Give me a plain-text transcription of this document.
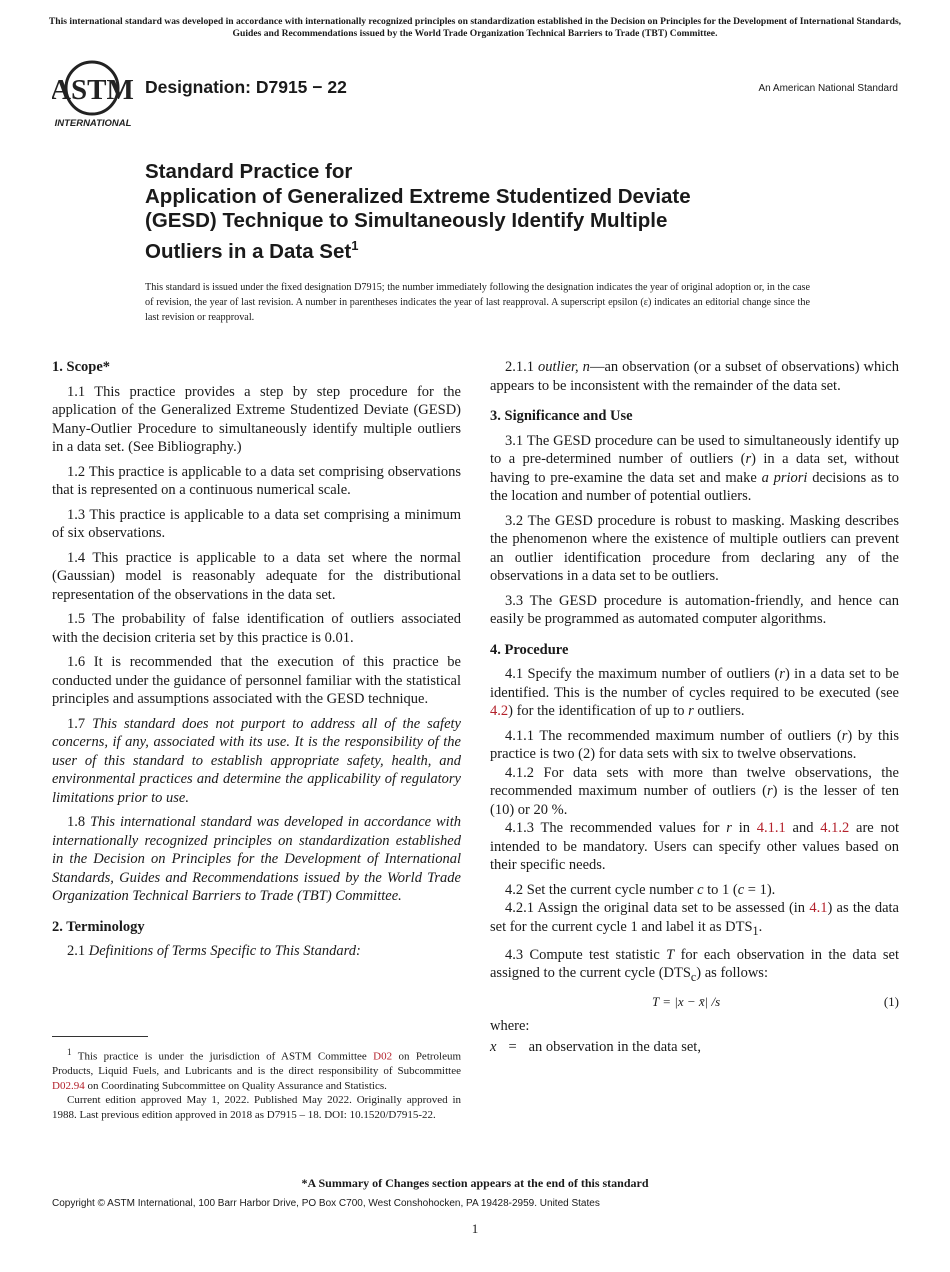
This international standard was developed in accordance with internationally recognized principles on standardization established in the Decision on Principles for the Development of International Standards, Guides and Recommendations issued by the World Trade Organization Technical Barriers to Trade (TBT) Committee.
ASTM
INTERNATIONAL
Designation: D7915 − 22	An American National Standard
Standard Practice for
Application of Generalized Extreme Studentized Deviate
(GESD) Technique to Simultaneously Identify Multiple
Outliers in a Data Set$^1$
This standard is issued under the fixed designation D7915; the number immediately following the designation indicates the year of original adoption or, in the case of revision, the year of last revision. A number in parentheses indicates the year of last reapproval. A superscript epsilon (ε) indicates an editorial change since the last revision or reapproval.
1. Scope*

1.1 This practice provides a step by step procedure for the application of the Generalized Extreme Studentized Deviate (GESD) Many-Outlier Procedure to simultaneously identify multiple outliers in a data set. (See Bibliography.)

1.2 This practice is applicable to a data set comprising observations that is represented on a continuous numerical scale.

1.3 This practice is applicable to a data set comprising a minimum of six observations.

1.4 This practice is applicable to a data set where the normal (Gaussian) model is reasonably adequate for the distributional representation of the observations in the data set.

1.5 The probability of false identification of outliers associated with the decision criteria set by this practice is 0.01.

1.6 It is recommended that the execution of this practice be conducted under the guidance of personnel familiar with the statistical principles and assumptions associated with the GESD technique.

1.7 This standard does not purport to address all of the safety concerns, if any, associated with its use. It is the responsibility of the user of this standard to establish appropriate safety, health, and environmental practices and determine the applicability of regulatory limitations prior to use.

1.8 This international standard was developed in accordance with internationally recognized principles on standardization established in the Decision on Principles for the Development of International Standards, Guides and Recommendations issued by the World Trade Organization Technical Barriers to Trade (TBT) Committee.

2. Terminology

2.1 Definitions of Terms Specific to This Standard:

$^1$ This practice is under the jurisdiction of ASTM Committee D02 on Petroleum Products, Liquid Fuels, and Lubricants and is the direct responsibility of Subcommittee D02.94 on Coordinating Subcommittee on Quality Assurance and Statistics.

Current edition approved May 1, 2022. Published May 2022. Originally approved in 1988. Last previous edition approved in 2018 as D7915 – 18. DOI: 10.1520/D7915-22.

2.1.1 outlier, n—an observation (or a subset of observations) which appears to be inconsistent with the remainder of the data set.

3. Significance and Use

3.1 The GESD procedure can be used to simultaneously identify up to a pre-determined number of outliers (r) in a data set, without having to pre-examine the data set and make a priori decisions as to the location and number of potential outliers.

3.2 The GESD procedure is robust to masking. Masking describes the phenomenon where the existence of multiple outliers can prevent an outlier identification procedure from declaring any of the observations in a data set to be outliers.

3.3 The GESD procedure is automation-friendly, and hence can easily be programmed as automated computer algorithms.

4. Procedure

4.1 Specify the maximum number of outliers (r) in a data set to be identified. This is the number of cycles required to be executed (see 4.2) for the identification of up to r outliers.

4.1.1 The recommended maximum number of outliers (r) by this practice is two (2) for data sets with six to twelve observations.

4.1.2 For data sets with more than twelve observations, the recommended maximum number of outliers (r) is the lesser of ten (10) or 20 %.

4.1.3 The recommended values for r in 4.1.1 and 4.1.2 are not intended to be mandatory. Users can specify other values based on their specific needs.

4.2 Set the current cycle number c to 1 (c = 1).

4.2.1 Assign the original data set to be assessed (in 4.1) as the data set for the current cycle 1 and label it as $DTS_1$.

4.3 Compute test statistic T for each observation in the data set assigned to the current cycle $(DTS_c)$ as follows:

T = |x − x̄| /s	(1)

where:

x = an observation in the data set,
*A Summary of Changes section appears at the end of this standard
Copyright © ASTM International, 100 Barr Harbor Drive, PO Box C700, West Conshohocken, PA 19428-2959. United States
1
